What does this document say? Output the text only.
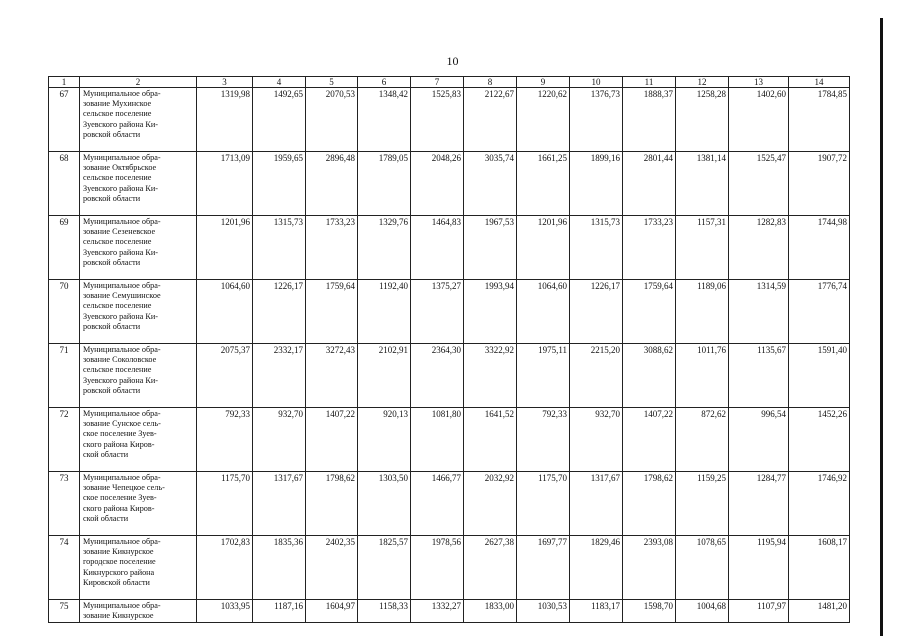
10
1	2	3	4	5	6	7	8	9	10	11	12	13	14
67	Муниципальное обра-
зование Мухинское
сельское поселение
Зуевского района Ки-
ровской области	1319,98	1492,65	2070,53	1348,42	1525,83	2122,67	1220,62	1376,73	1888,37	1258,28	1402,60	1784,85
68	Муниципальное обра-
зование Октябрьское
сельское поселение
Зуевского района Ки-
ровской области	1713,09	1959,65	2896,48	1789,05	2048,26	3035,74	1661,25	1899,16	2801,44	1381,14	1525,47	1907,72
69	Муниципальное обра-
зование Сезеневское
сельское поселение
Зуевского района Ки-
ровской области	1201,96	1315,73	1733,23	1329,76	1464,83	1967,53	1201,96	1315,73	1733,23	1157,31	1282,83	1744,98
70	Муниципальное обра-
зование Семушинское
сельское поселение
Зуевского района Ки-
ровской области	1064,60	1226,17	1759,64	1192,40	1375,27	1993,94	1064,60	1226,17	1759,64	1189,06	1314,59	1776,74
71	Муниципальное обра-
зование Соколовское
сельское поселение
Зуевского района Ки-
ровской области	2075,37	2332,17	3272,43	2102,91	2364,30	3322,92	1975,11	2215,20	3088,62	1011,76	1135,67	1591,40
72	Муниципальное обра-
зование Сунское сель-
ское поселение Зуев-
ского района Киров-
ской области	792,33	932,70	1407,22	920,13	1081,80	1641,52	792,33	932,70	1407,22	872,62	996,54	1452,26
73	Муниципальное обра-
зование Чепецкое сель-
ское поселение Зуев-
ского района Киров-
ской области	1175,70	1317,67	1798,62	1303,50	1466,77	2032,92	1175,70	1317,67	1798,62	1159,25	1284,77	1746,92
74	Муниципальное обра-
зование Кикнурское
городское поселение
Кикнурского района
Кировской области	1702,83	1835,36	2402,35	1825,57	1978,56	2627,38	1697,77	1829,46	2393,08	1078,65	1195,94	1608,17
75	Муниципальное обра-
зование Кикнурское	1033,95	1187,16	1604,97	1158,33	1332,27	1833,00	1030,53	1183,17	1598,70	1004,68	1107,97	1481,20
